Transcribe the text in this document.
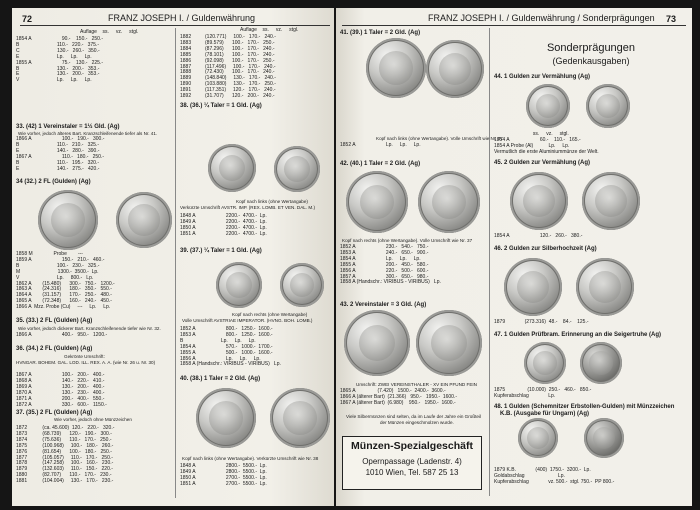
72	FRANZ JOSEPH I. / Guldenwährung
Auflage    ss.     vz.     stgl.
1854 A                      90.-    150.-   250.-
B                           110.-   220.-   375.-
C                           130.-   260.-   350.-
E                           Lp.     Lp.     Lp.
1855 A                      75.-    130.-   225.-
B                           130.-   200.-   353.-
E                           130.-   200.-   353.-
V                           Lp.     Lp.     Lp.
33. (42) 1 Vereinstaler = 1½ Gld. (Ag)
Wie vorher, jedoch älteres Bart. Kranzschleifenende tiefer als Nr. 41.
1866 A                      100.-   190.-   300.-
B                           110.-   210.-   325.-
E                           140.-   280.-   390.-
1867 A                      110.-   180.-   250.-
B                           110.-   195.-   320.-
E                           140.-   275.-   420.-
34 (32.) 2 FL (Gulden) (Ag)
1858 M               Probe        ---
1859 A                      150.-   210.-   460.-
B                           100.-   230.-   325.-
M                           1300.-  3500.-  Lp.
V                           Lp.     800.-   Lp.
1862 A        (15.480)      300.-   750.-   1200.-
1863 A        (24.316)      180.-   350.-   550.-
1864 A        (31.157)      170.-   250.-   480.-
1865 A        (72.348)      160.-   240.-   450.-
1866 A  Mzz. Probe (Cu)     ---     Lp.     Lp.
35. (33.) 2 FL (Gulden) (Ag)
Wie vorher, jedoch dickerer Bart. Kranzschleifenende tiefer wie Nr. 32.
1866 A                      400.-   950.-   1200.-
36. (34.) 2 FL (Gulden) (Ag)
Gekrönte Umschrift:
HVNGAR. BOHEM. GAL. LOD. ILL. REX. A. A. (wie Nr. 26 u. Nr. 30)
1867 A                      100.-   200.-   400.-
1868 A                      140.-   220.-   410.-
1869 A                      130.-   200.-   400.-
1870 A                      130.-   230.-   400.-
1871 A                      200.-   400.-   550.-
1872 A                      330.-   600.-   1150.-
37. (35.) 2 FL (Gulden) (Ag)
Wie vorher, jedoch ohne Münzzeichen
1872           (ca. 45.600)  120.-   220.-   320.-
1873           (68.739)      120.-   190.-   300.-
1874           (75.636)      110.-   170.-   250.-
1875           (100.968)     100.-   180.-   260.-
1876           (81.654)      100.-   180.-   250.-
1877           (105.057)     110.-   170.-   250.-
1878           (147.258)     100.-   160.-   230.-
1879           (132.603)     110.-   150.-   220.-
1880           (82.707)      110.-   170.-   230.-
1881           (104.004)     130.-   170.-   230.-
Auflage    ss.     vz.     stgl.
1882          (120.771)     100.-   170.-   240.-
1883          (89.579)      100.-   170.-   250.-
1884          (87.296)      100.-   170.-   240.-
1885          (78.101)      100.-   170.-   240.-
1886          (92.098)      100.-   170.-   250.-
1887          (117.496)     100.-   170.-   240.-
1888          (72.430)      100.-   170.-   240.-
1889          (148.840)     130.-   170.-   240.-
1890          (103.880)     130.-   170.-   250.-
1891          (117.351)     120.-   170.-   240.-
1892          (31.707)      120.-   200.-   240.-
38. (36.) ¼ Taler = 1 Gld. (Ag)
Kopf nach links (ohne Wertangabe)
Verkürzte Umschrift AVSTR. IMP. (REX. LOMB. ET VEN. DAL. M.)
1848 A                      2200.-  4700.-  Lp.
1849 A                      2200.-  4700.-  Lp.
1850 A                      2200.-  4700.-  Lp.
1851 A                      2200.-  4700.-  Lp.
39. (37.) ¼ Taler = 1 Gld. (Ag)
Kopf nach rechts (ohne Wertangabe)
Volle Umschrift AVSTRIAE IMPERATOR. (HVNG. BOH. LOMB.)
1852 A                      800.-   1250.-  1600.-
1853 A                      800.-   1250.-  1600.-
B                           Lp.     Lp.     Lp.
1854 A                      570.-   1000.-  1700.-
1855 A                      500.-   1000.-  1600.-
1856 A                      Lp.     Lp.     Lp.
1858 A (Handschr.: VIRIBUS - VIRIBUS)   Lp.
40. (38.) 1 Taler = 2 Gld. (Ag)
Kopf nach links (ohne Wertangabe). Verkürzte Umschrift wie Nr. 38
1848 A                      2800.-  5500.-  Lp.
1849 A                      2800.-  5500.-  Lp.
1850 A                      2700.-  5500.-  Lp.
1851 A                      2700.-  5500.-  Lp.
FRANZ JOSEPH I. / Guldenwährung / Sonderprägungen 73
41. (39.) 1 Taler = 2 Gld. (Ag)
Kopf nach links (ohne Wertangabe). Volle Umschrift wie Nr. 37
1852 A                      Lp.     Lp.     Lp.
42. (40.) 1 Taler = 2 Gld. (Ag)
Kopf nach rechts (ohne Wertangabe). Volle Umschrift wie Nr. 37
1852 A                      230.-   540.-   750.-
1853 A                      240.-   650.-   900.-
1854 A                      Lp.     Lp.     Lp.
1855 A                      200.-   450.-   580.-
1856 A                      220.-   500.-   600.-
1857 A                      300.-   650.-   980.-
1858 A (Handschr.: VIRIBUS - VIRIBUS)   Lp.
43. 2 Vereinstaler = 3 Gld. (Ag)
Umschrift: ZWEI VEREINSTHALER - XV EIN PFUND FEIN
1865 A                (7.420)   1500.-  2400.-  3600.-
1866 A (älterer Bart)  (21.366)   950.-   1950.-  1600.-
1867 A (älterer Bart)  (6.980)    950.-   1950.-  1600.-
Viele Silbermünzen sind selten, da im Laufe der Jahre ein Großteil
der Münzen eingeschmolzen wurde.
Münzen-Spezialgeschäft
Opernpassage (Ladenstr. 4)
1010 Wien, Tel. 587 25 13
Sonderprägungen
(Gedenkausgaben)
44. 1 Gulden zur Vermählung (Ag)
ss.     vz.     stgl.
1854 A                      60.-    110.-   165.-
1854 A Probe (Al)           Lp.     Lp.
Vermutlich die erste Aluminiummünze der Welt.
45. 2 Gulden zur Vermählung (Ag)
1854 A                      120.-   260.-   380.-
46. 2 Gulden zur Silberhochzeit (Ag)
1879              (273.316)  48.-    84.-    125.-
47. 1 Gulden Prüfbram. Erinnerung an die Seigertruhe (Ag)
1875                (10.000)  250.-   460.-   850.-
Kupferabschlag              Lp.
48. 1 Gulden (Schemnitzer Erbstollen-Gulden) mit Münzzeichen
K.B. (Ausgabe für Ungarn) (Ag)
1879 K.B.              (400)  1750.-  3200.-  Lp.
Goldabschlag                        Lp.
Kupferabschlag              vz. 500.-  stgl. 750.-  PP 800.-
